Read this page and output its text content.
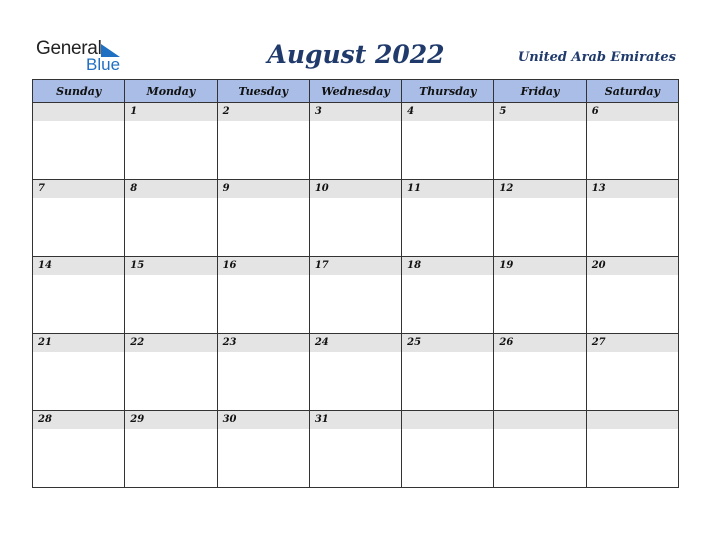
General
Blue	August 2022	United Arab Emirates
Sunday	Monday	Tuesday	Wednesday	Thursday	Friday	Saturday

	1	2	3	4	5	6

7	8	9	10	11	12	13

14	15	16	17	18	19	20

21	22	23	24	25	26	27

28	29	30	31			
